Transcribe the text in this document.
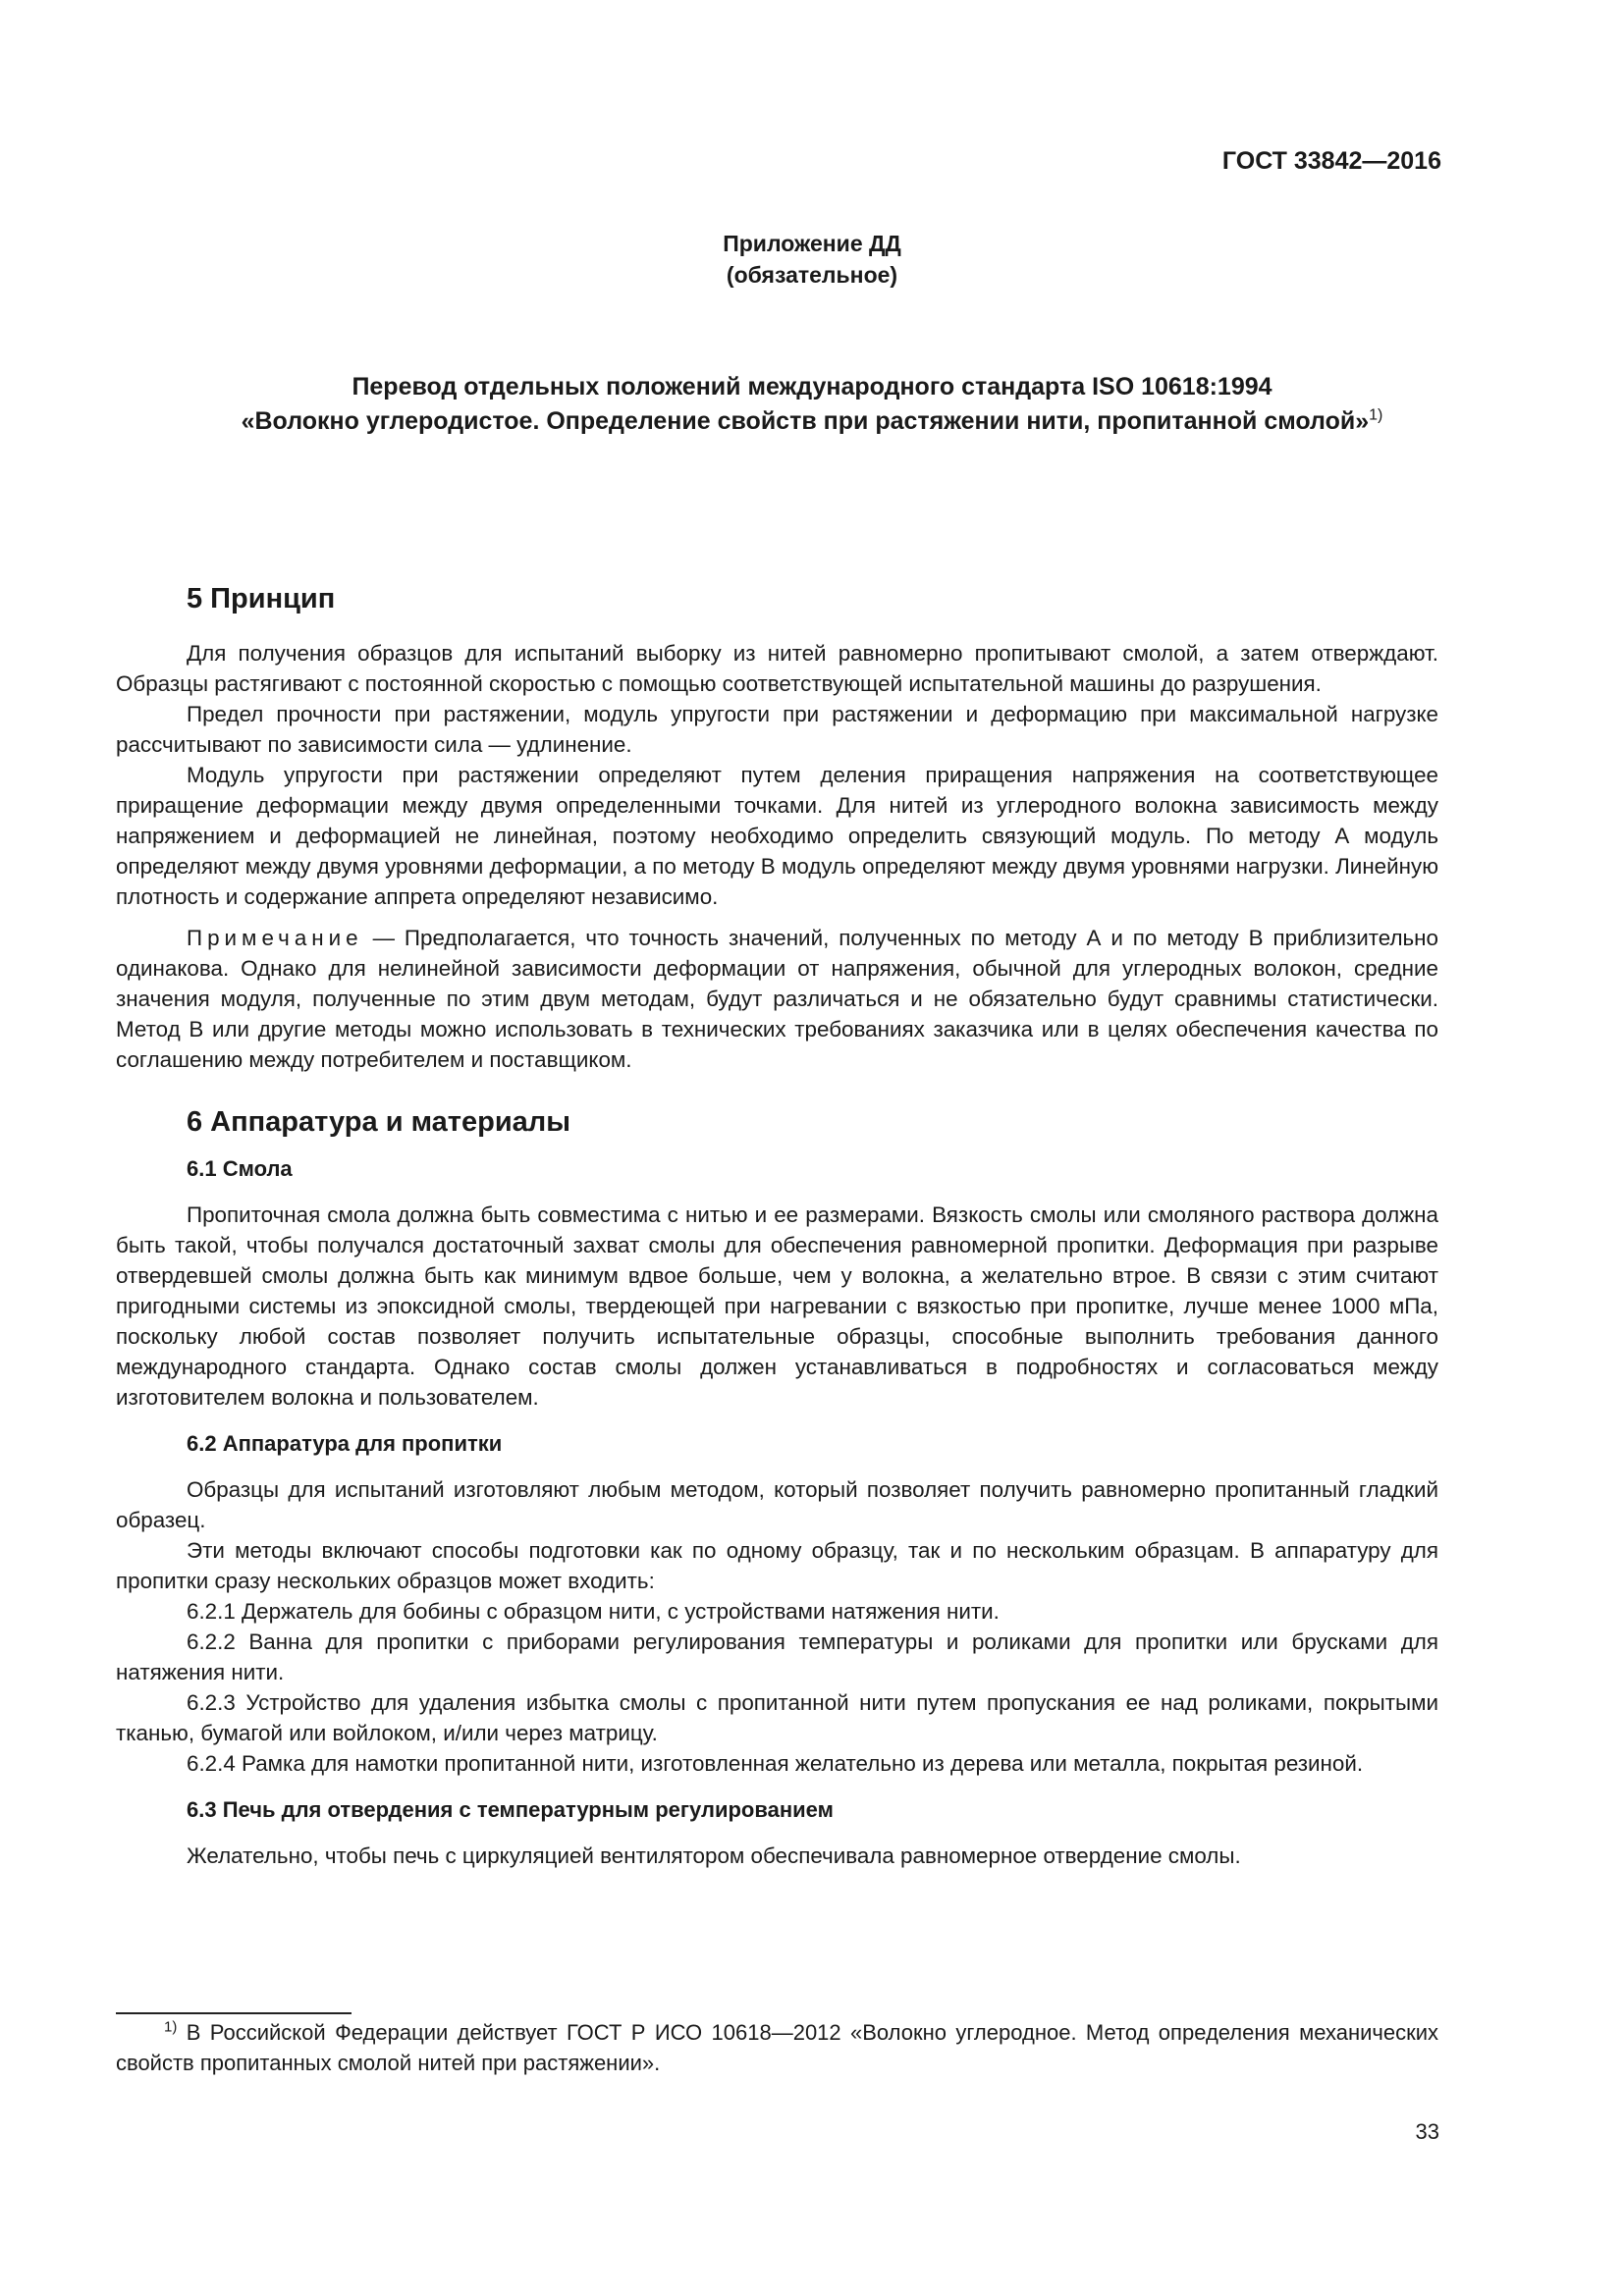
ГОСТ 33842—2016
Приложение ДД
(обязательное)
Перевод отдельных положений международного стандарта ISO 10618:1994
«Волокно углеродистое. Определение свойств при растяжении нити, пропитанной смолой»$^{1)}$
5 Принцип

Для получения образцов для испытаний выборку из нитей равномерно пропитывают смолой, а затем отверждают. Образцы растягивают с постоянной скоростью с помощью соответствующей испытательной машины до разрушения.

Предел прочности при растяжении, модуль упругости при растяжении и деформацию при максимальной нагрузке рассчитывают по зависимости сила — удлинение.

Модуль упругости при растяжении определяют путем деления приращения напряжения на соответствующее приращение деформации между двумя определенными точками. Для нитей из углеродного волокна зависимость между напряжением и деформацией не линейная, поэтому необходимо определить связующий модуль. По методу А модуль определяют между двумя уровнями деформации, а по методу В модуль определяют между двумя уровнями нагрузки. Линейную плотность и содержание аппрета определяют независимо.

Примечание — Предполагается, что точность значений, полученных по методу А и по методу В приблизительно одинакова. Однако для нелинейной зависимости деформации от напряжения, обычной для углеродных волокон, средние значения модуля, полученные по этим двум методам, будут различаться и не обязательно будут сравнимы статистически. Метод В или другие методы можно использовать в технических требованиях заказчика или в целях обеспечения качества по соглашению между потребителем и поставщиком.

6 Аппаратура и материалы
6.1 Смола

Пропиточная смола должна быть совместима с нитью и ее размерами. Вязкость смолы или смоляного раствора должна быть такой, чтобы получался достаточный захват смолы для обеспечения равномерной пропитки. Деформация при разрыве отвердевшей смолы должна быть как минимум вдвое больше, чем у волокна, а желательно втрое. В связи с этим считают пригодными системы из эпоксидной смолы, твердеющей при нагревании с вязкостью при пропитке, лучше менее 1000 мПа, поскольку любой состав позволяет получить испытательные образцы, способные выполнить требования данного международного стандарта. Однако состав смолы должен устанавливаться в подробностях и согласоваться между изготовителем волокна и пользователем.

6.2 Аппаратура для пропитки

Образцы для испытаний изготовляют любым методом, который позволяет получить равномерно пропитанный гладкий образец.

Эти методы включают способы подготовки как по одному образцу, так и по нескольким образцам. В аппаратуру для пропитки сразу нескольких образцов может входить:

6.2.1 Держатель для бобины с образцом нити, с устройствами натяжения нити.

6.2.2 Ванна для пропитки с приборами регулирования температуры и роликами для пропитки или брусками для натяжения нити.

6.2.3 Устройство для удаления избытка смолы с пропитанной нити путем пропускания ее над роликами, покрытыми тканью, бумагой или войлоком, и/или через матрицу.

6.2.4 Рамка для намотки пропитанной нити, изготовленная желательно из дерева или металла, покрытая резиной.

6.3 Печь для отвердения с температурным регулированием

Желательно, чтобы печь с циркуляцией вентилятором обеспечивала равномерное отвердение смолы.

$^{1)}$ В Российской Федерации действует ГОСТ Р ИСО 10618—2012 «Волокно углеродное. Метод определения механических свойств пропитанных смолой нитей при растяжении».

33
